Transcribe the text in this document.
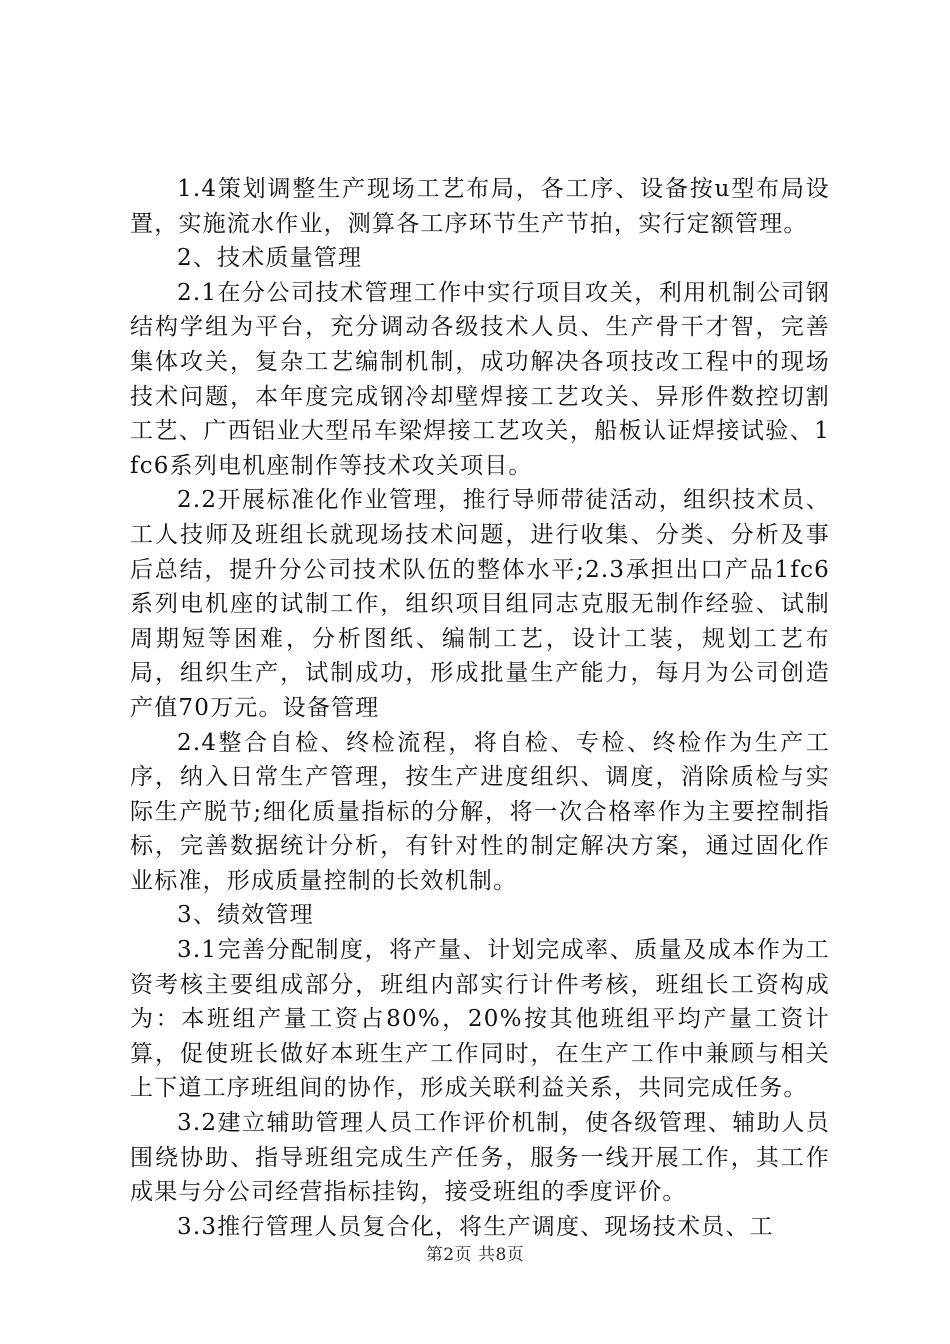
1.4策划调整生产现场工艺布局，各工序、设备按u型布局设置，实施流水作业，测算各工序环节生产节拍，实行定额管理。

2、技术质量管理

2.1在分公司技术管理工作中实行项目攻关，利用机制公司钢结构学组为平台，充分调动各级技术人员、生产骨干才智，完善集体攻关，复杂工艺编制机制，成功解决各项技改工程中的现场技术问题，本年度完成钢冷却壁焊接工艺攻关、异形件数控切割工艺、广西铝业大型吊车梁焊接工艺攻关，船板认证焊接试验、1fc6系列电机座制作等技术攻关项目。

2.2开展标准化作业管理，推行导师带徒活动，组织技术员、工人技师及班组长就现场技术问题，进行收集、分类、分析及事后总结，提升分公司技术队伍的整体水平;2.3承担出口产品1fc6系列电机座的试制工作，组织项目组同志克服无制作经验、试制周期短等困难，分析图纸、编制工艺，设计工装，规划工艺布局，组织生产，试制成功，形成批量生产能力，每月为公司创造产值70万元。设备管理

2.4整合自检、终检流程，将自检、专检、终检作为生产工序，纳入日常生产管理，按生产进度组织、调度，消除质检与实际生产脱节;细化质量指标的分解，将一次合格率作为主要控制指标，完善数据统计分析，有针对性的制定解决方案，通过固化作业标准，形成质量控制的长效机制。

3、绩效管理

3.1完善分配制度，将产量、计划完成率、质量及成本作为工资考核主要组成部分，班组内部实行计件考核，班组长工资构成为：本班组产量工资占80%，20%按其他班组平均产量工资计算，促使班长做好本班生产工作同时，在生产工作中兼顾与相关上下道工序班组间的协作，形成关联利益关系，共同完成任务。

3.2建立辅助管理人员工作评价机制，使各级管理、辅助人员围绕协助、指导班组完成生产任务，服务一线开展工作，其工作成果与分公司经营指标挂钩，接受班组的季度评价。

3.3推行管理人员复合化，将生产调度、现场技术员、工

第2页 共8页
